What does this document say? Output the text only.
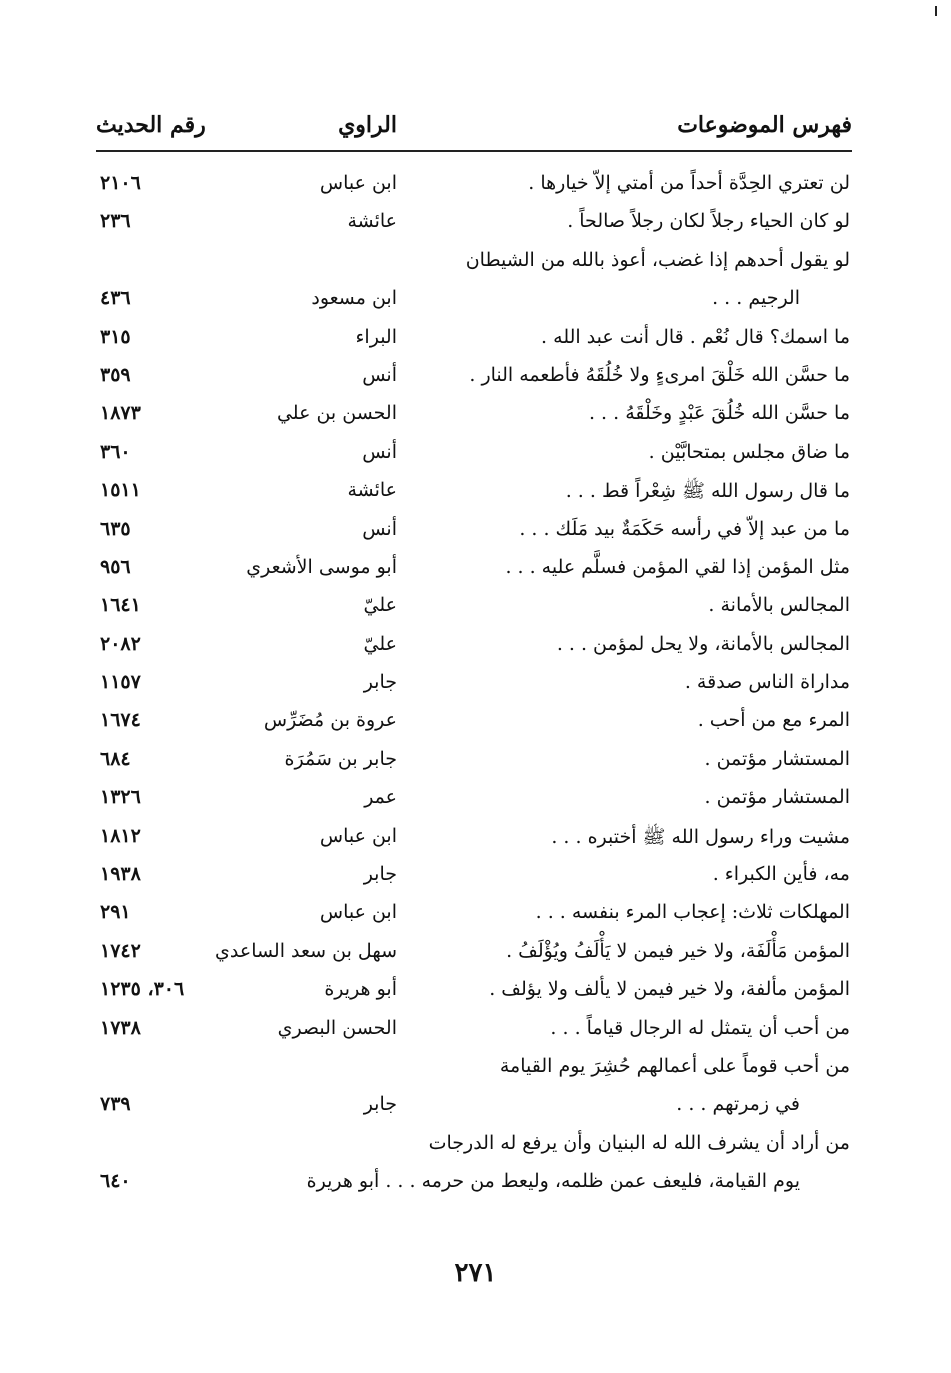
فهرس الموضوعات
الراوي
رقم الحديث
لن تعتري الحِدَّة أحداً من أمتي إلاّ خيارها .
ابن عباس
٢١٠٦
لو كان الحياء رجلاً لكان رجلاً صالحاً .
عائشة
٢٣٦
لو يقول أحدهم إذا غضب، أعوذ بالله من الشيطان
الرجيم . . .
ابن مسعود
٤٣٦
ما اسمك؟ قال نُعْم . قال أنت عبد الله .
البراء
٣١٥
ما حسَّن الله خَلْقَ امرىءٍ ولا خُلُقَهُ فأطعمه النار .
أنس
٣٥٩
ما حسَّن الله خُلُقَ عَبْدٍ وخَلْقَهُ . . .
الحسن بن علي
١٨٧٣
ما ضاق مجلس بمتحابَّيْن .
أنس
٣٦٠
ما قال رسول الله ﷺ شِعْراً قط . . .
عائشة
١٥١١
ما من عبد إلاّ في رأسه حَكَمَةٌ بيد مَلَك . . .
أنس
٦٣٥
مثل المؤمن إذا لقي المؤمن فسلَّم عليه . . .
أبو موسى الأشعري
٩٥٦
المجالس بالأمانة .
عليّ
١٦٤١
المجالس بالأمانة، ولا يحل لمؤمن . . .
عليّ
٢٠٨٢
مداراة الناس صدقة .
جابر
١١٥٧
المرء مع من أحب .
عروة بن مُضَرِّس
١٦٧٤
المستشار مؤتمن .
جابر بن سَمُرَة
٦٨٤
المستشار مؤتمن .
عمر
١٣٢٦
مشيت وراء رسول الله ﷺ أختبره . . .
ابن عباس
١٨١٢
مه، فأين الكبراء .
جابر
١٩٣٨
المهلكات ثلاث: إعجاب المرء بنفسه . . .
ابن عباس
٢٩١
المؤمن مَأْلَفَة، ولا خير فيمن لا يَأْلَفُ ويُؤْلَفُ .
سهل بن سعد الساعدي
١٧٤٢
المؤمن مألفة، ولا خير فيمن لا يألف ولا يؤلف .
أبو هريرة
٣٠٦، ١٢٣٥
من أحب أن يتمثل له الرجال قياماً . . .
الحسن البصري
١٧٣٨
من أحب قوماً على أعمالهم حُشِرَ يوم القيامة
في زمرتهم . . .
جابر
٧٣٩
من أراد أن يشرف الله له البنيان وأن يرفع له الدرجات
يوم القيامة، فليعف عمن ظلمه، وليعط من حرمه . . . أبو هريرة
٦٤٠
٢٧١
